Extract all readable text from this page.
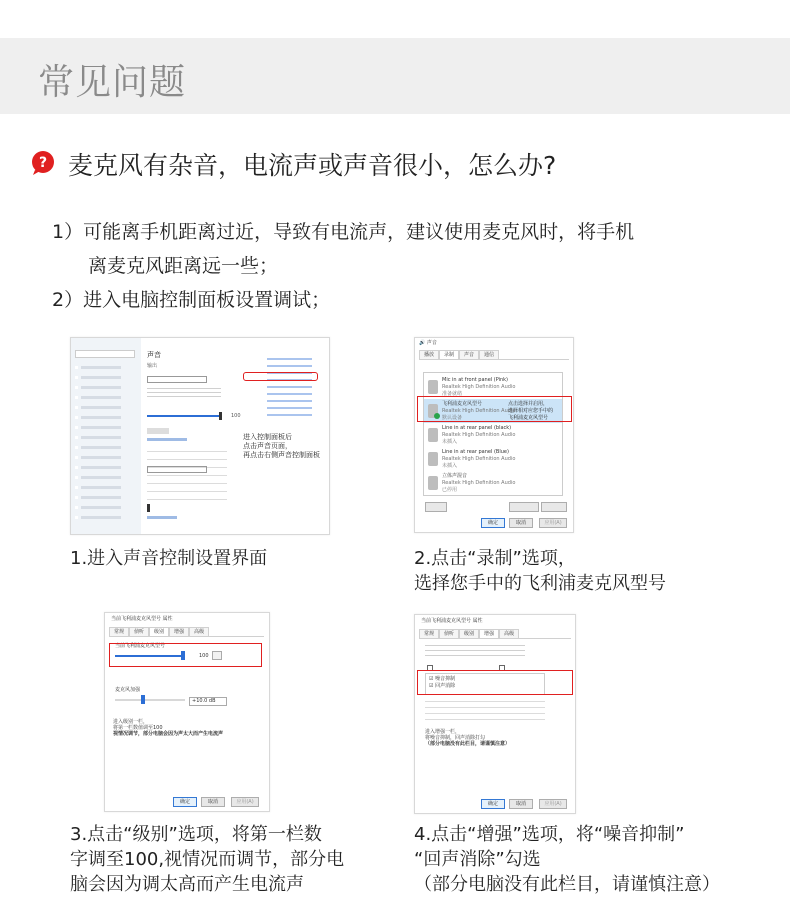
常见问题
? 麦克风有杂音，电流声或声音很小，怎么办?
1）可能离手机距离过近，导致有电流声，建议使用麦克风时，将手机
离麦克风距离远一些；
2）进入电脑控制面板设置调试；
声音
输出
100
进入控制面板后
点击声音页面，
再点击右侧声音控制面板
1.进入声音控制设置界面
🔊 声音
播放	录制	声音	通信
Mic in at front panel (Pink)
Realtek High Definition Audio
准备就绪
飞利浦麦克风型号
Realtek High Definition Audio
默认设备
点击选择并启用，
选择相对应您手中的
飞利浦麦克风型号
Line in at rear panel (black)
Realtek High Definition Audio
未插入
Line in at rear panel (Blue)
Realtek High Definition Audio
未插入
立体声混音
Realtek High Definition Audio
已停用
确定	取消	应用(A)
2.点击“录制”选项，
选择您手中的飞利浦麦克风型号
当前飞利浦麦克风型号 属性
常规	侦听	级别	增强	高级
当前飞利浦麦克风型号
100
麦克风加强
+10.0 dB
进入级别一栏，
将第一栏数值调至100
视情况调节，部分电脑会因为声太大而产生电流声
确定	取消	应用(A)
3.点击“级别”选项，将第一栏数
字调至100,视情况而调节，部分电
脑会因为调太高而产生电流声
当前飞利浦麦克风型号 属性
常规	侦听	级别	增强	高级
☑ 噪音抑制
☑ 回声消除
进入增强一栏，
将噪音抑制，回声消除打勾
（部分电脑没有此栏目，请谨慎注意）
确定	取消	应用(A)
4.点击“增强”选项，将“噪音抑制”
“回声消除”勾选
（部分电脑没有此栏目，请谨慎注意）
